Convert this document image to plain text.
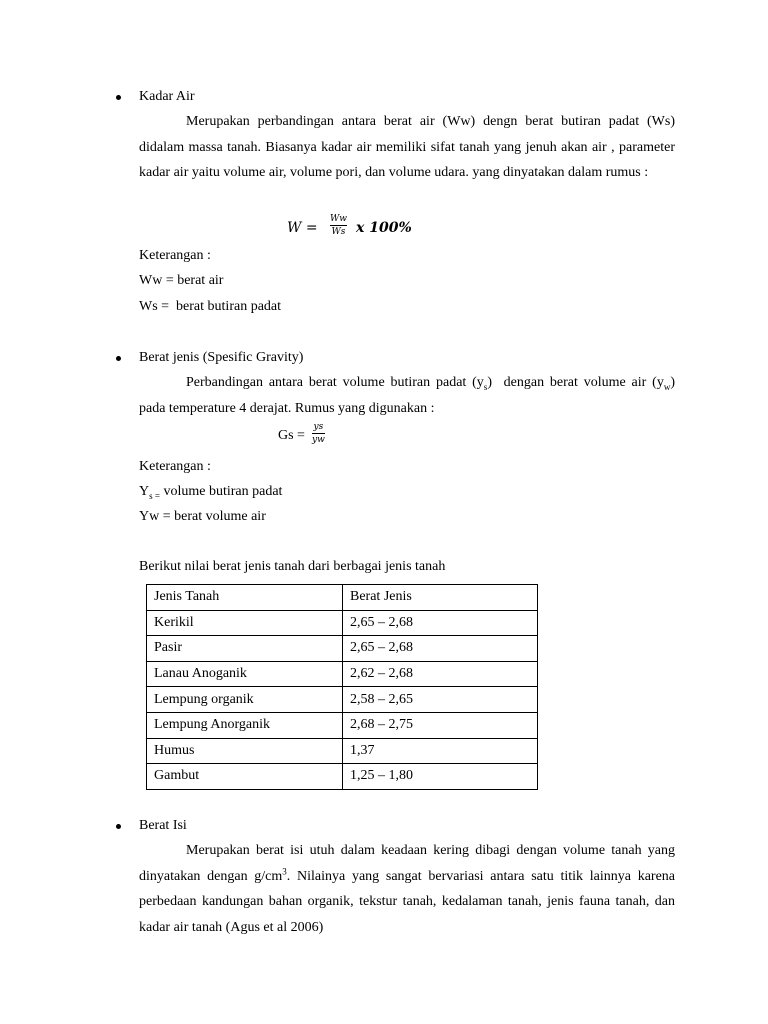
Kadar Air

Merupakan perbandingan antara berat air (Ww) dengn berat butiran padat (Ws) didalam massa tanah. Biasanya kadar air memiliki sifat tanah yang jenuh akan air , parameter kadar air yaitu volume air, volume pori, dan volume udara. yang dinyatakan dalam rumus :

W =
Ww
Ws x 100%
Keterangan :
Ww = berat air
Ws =  berat butiran padat
Berat jenis (Spesific Gravity)

Perbandingan antara berat volume butiran padat $(y_s)$  dengan berat volume air $(y_w)$ pada temperature 4 derajat. Rumus yang digunakan :

Gs =
ys
yw
Keterangan :
$Y_{s =}$ volume butiran padat
Yw = berat volume air
Berikut nilai berat jenis tanah dari berbagai jenis tanah
Jenis Tanah	Berat Jenis
Kerikil	2,65 – 2,68
Pasir	2,65 – 2,68
Lanau Anoganik	2,62 – 2,68
Lempung organik	2,58 – 2,65
Lempung Anorganik	2,68 – 2,75
Humus	1,37
Gambut	1,25 – 1,80
Berat Isi

Merupakan berat isi utuh dalam keadaan kering dibagi dengan volume tanah yang dinyatakan dengan $g/cm^3$. Nilainya yang sangat bervariasi antara satu titik lainnya karena perbedaan kandungan bahan organik, tekstur tanah, kedalaman tanah, jenis fauna tanah, dan kadar air tanah (Agus et al 2006)
